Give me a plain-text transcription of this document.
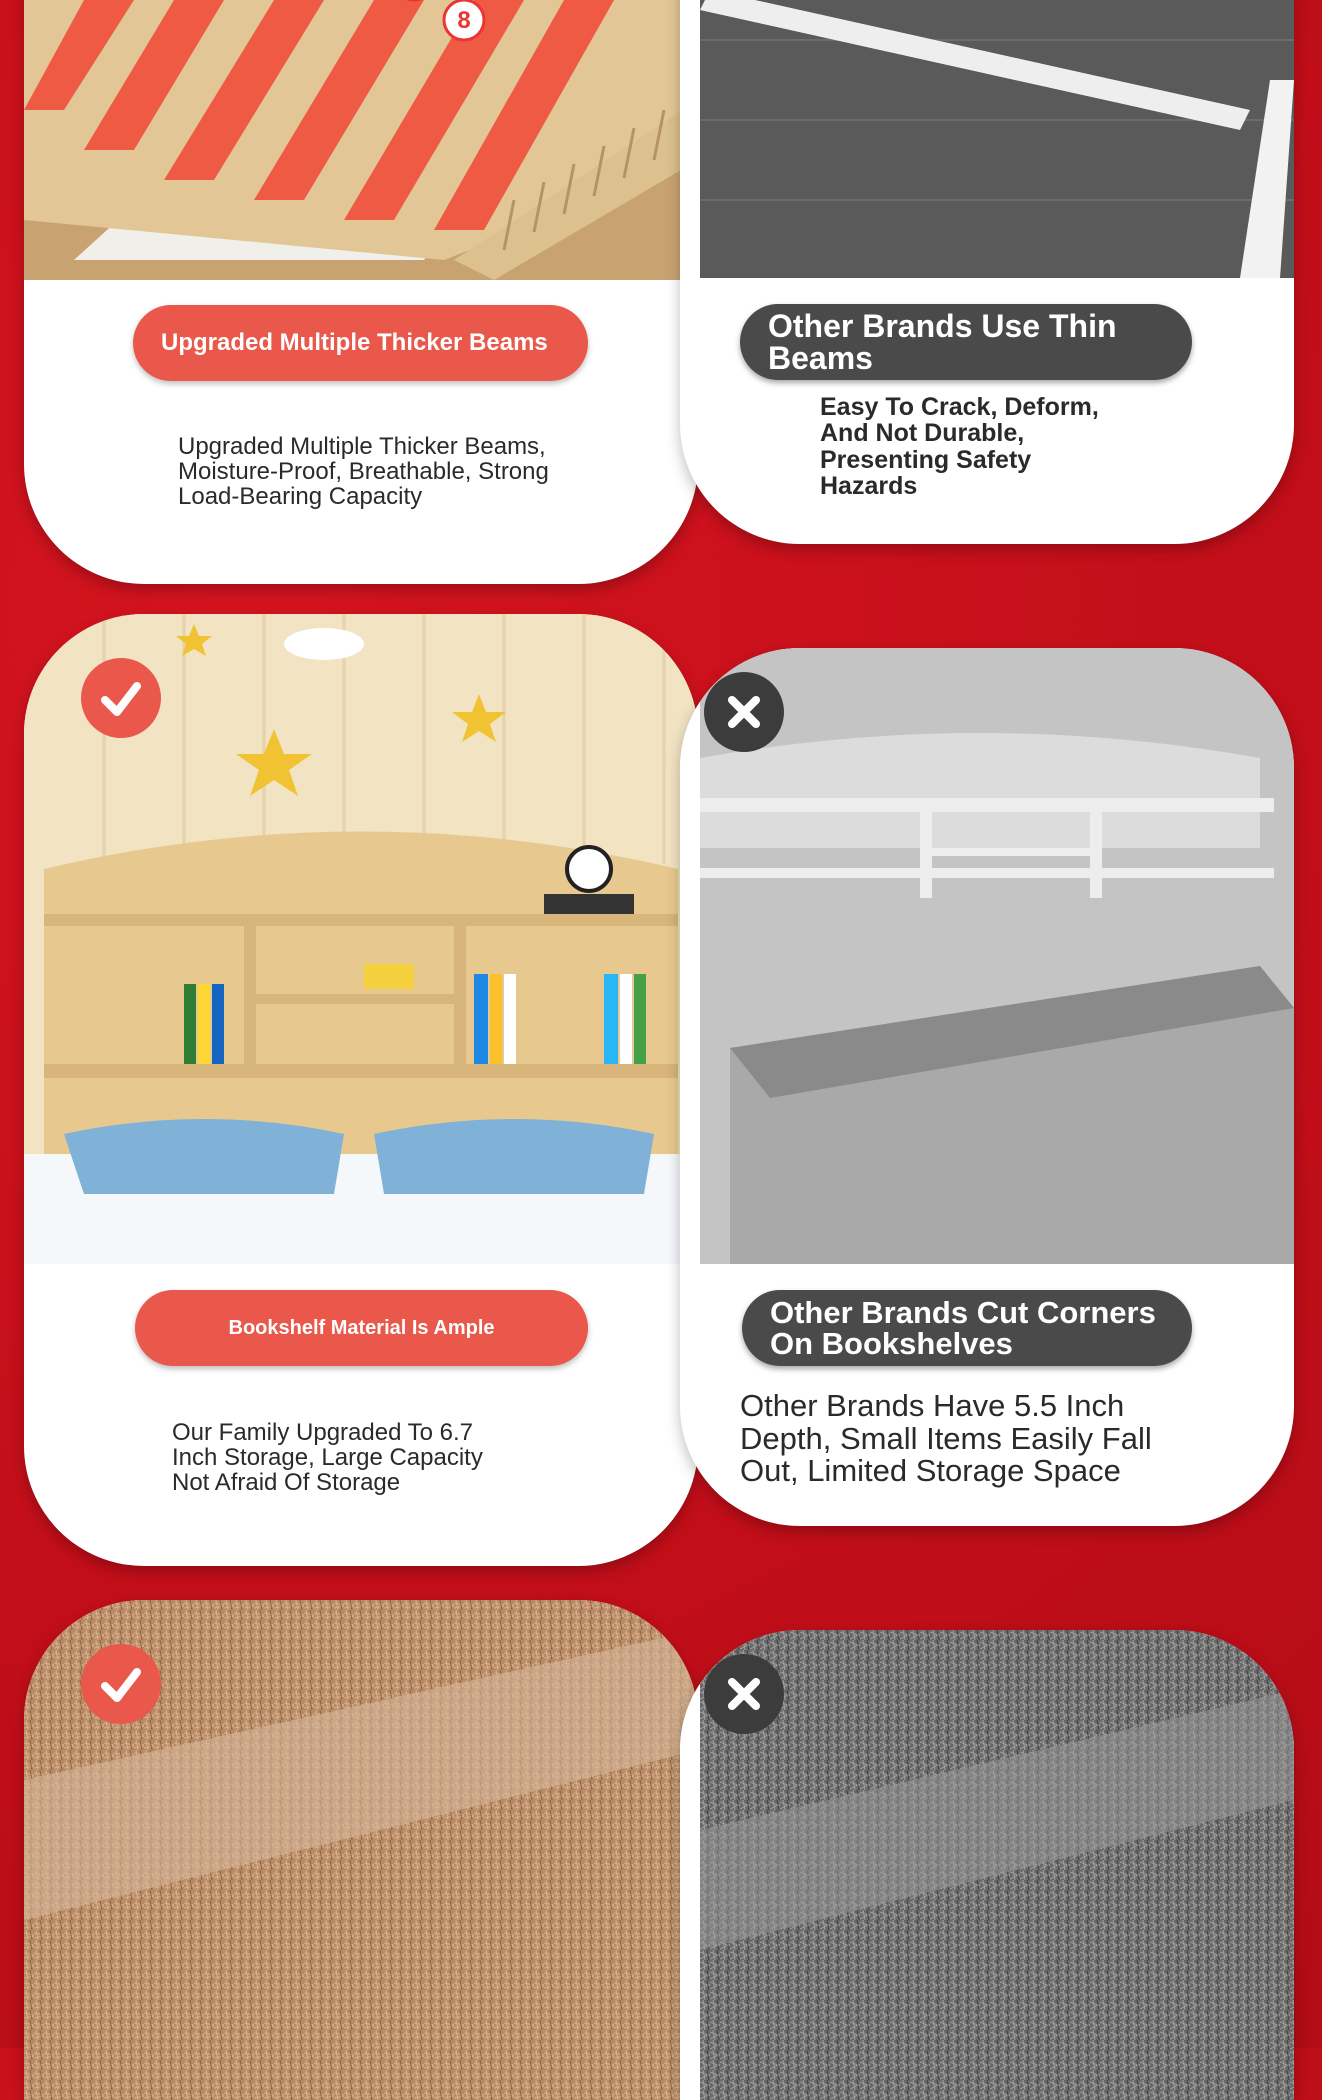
8
Upgraded Multiple Thicker Beams
Upgraded Multiple Thicker Beams, Moisture-Proof, Breathable, Strong Load-Bearing Capacity
Other Brands Use Thin Beams
Easy To Crack, Deform, And Not Durable, Presenting Safety Hazards
Bookshelf Material Is Ample
Our Family Upgraded To 6.7 Inch Storage, Large Capacity Not Afraid Of Storage
Other Brands Cut Corners On Bookshelves
Other Brands Have 5.5 Inch Depth, Small Items Easily Fall Out, Limited Storage Space
